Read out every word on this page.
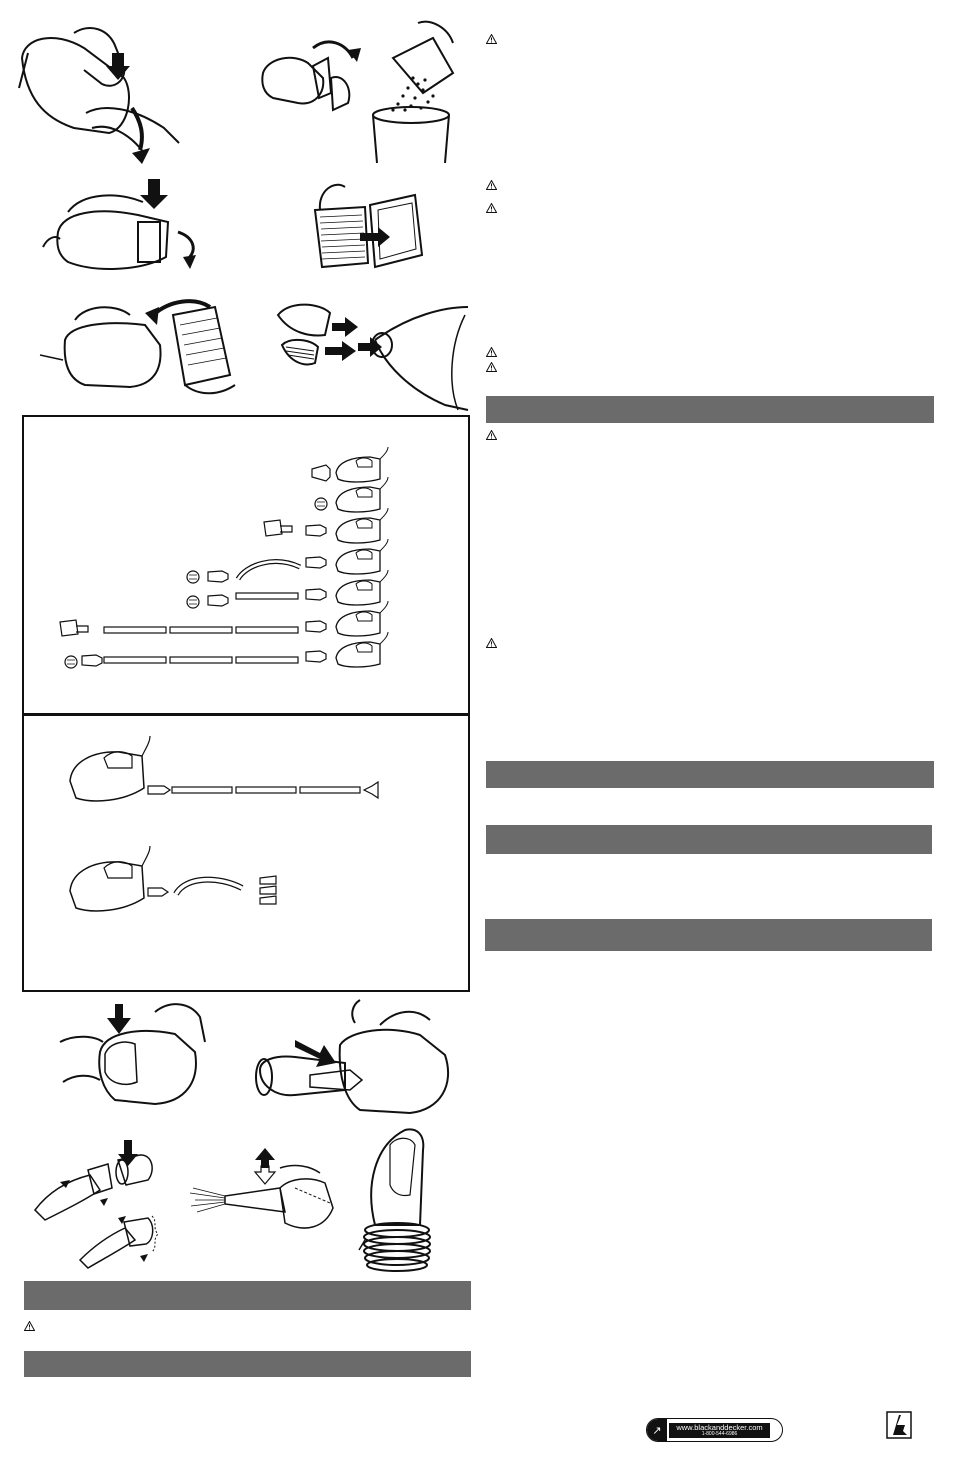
↗	www.blackanddecker.com
1-800-544-6986
